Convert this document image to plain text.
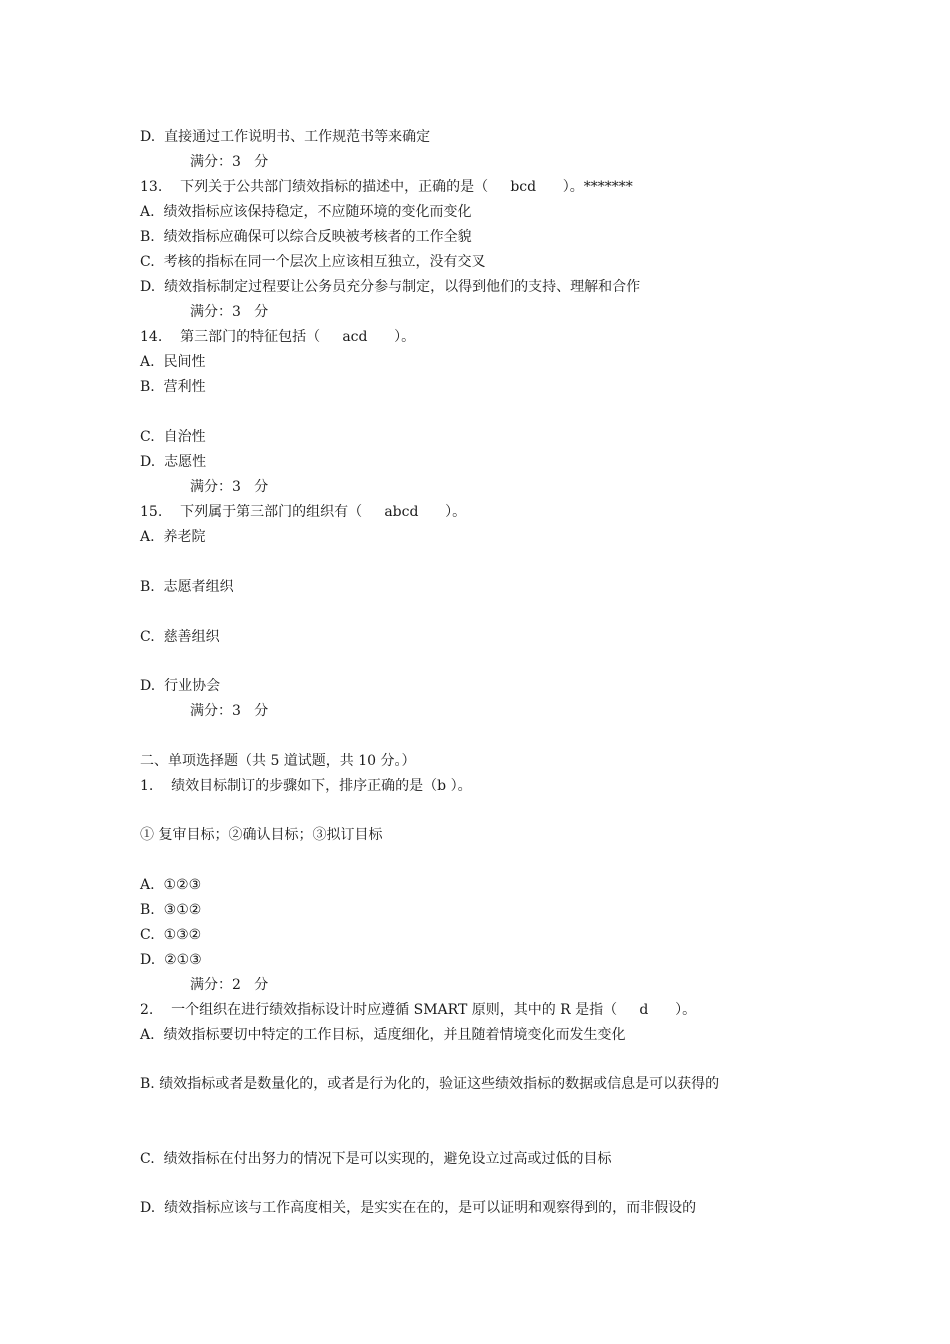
D.  直接通过工作说明书、工作规范书等来确定
满分：3   分
13.    下列关于公共部门绩效指标的描述中，正确的是（     bcd      ）。*******
A.  绩效指标应该保持稳定，不应随环境的变化而变化
B.  绩效指标应确保可以综合反映被考核者的工作全貌
C.  考核的指标在同一个层次上应该相互独立，没有交叉
D.  绩效指标制定过程要让公务员充分参与制定，以得到他们的支持、理解和合作
满分：3   分
14.    第三部门的特征包括（     acd      ）。
A.  民间性
B.  营利性
C.  自治性
D.  志愿性
满分：3   分
15.    下列属于第三部门的组织有（     abcd      ）。
A.  养老院
B.  志愿者组织
C.  慈善组织
D.  行业协会
满分：3   分
二、单项选择题（共 5 道试题，共 10 分。）
1.    绩效目标制订的步骤如下，排序正确的是（b ）。
① 复审目标；②确认目标；③拟订目标
A.  ①②③
B.  ③①②
C.  ①③②
D.  ②①③
满分：2   分
2.    一个组织在进行绩效指标设计时应遵循 SMART 原则，其中的 R 是指（     d      ）。
A.  绩效指标要切中特定的工作目标，适度细化，并且随着情境变化而发生变化
B. 绩效指标或者是数量化的，或者是行为化的，验证这些绩效指标的数据或信息是可以获得的
C.  绩效指标在付出努力的情况下是可以实现的，避免设立过高或过低的目标
D.  绩效指标应该与工作高度相关，是实实在在的，是可以证明和观察得到的，而非假设的
